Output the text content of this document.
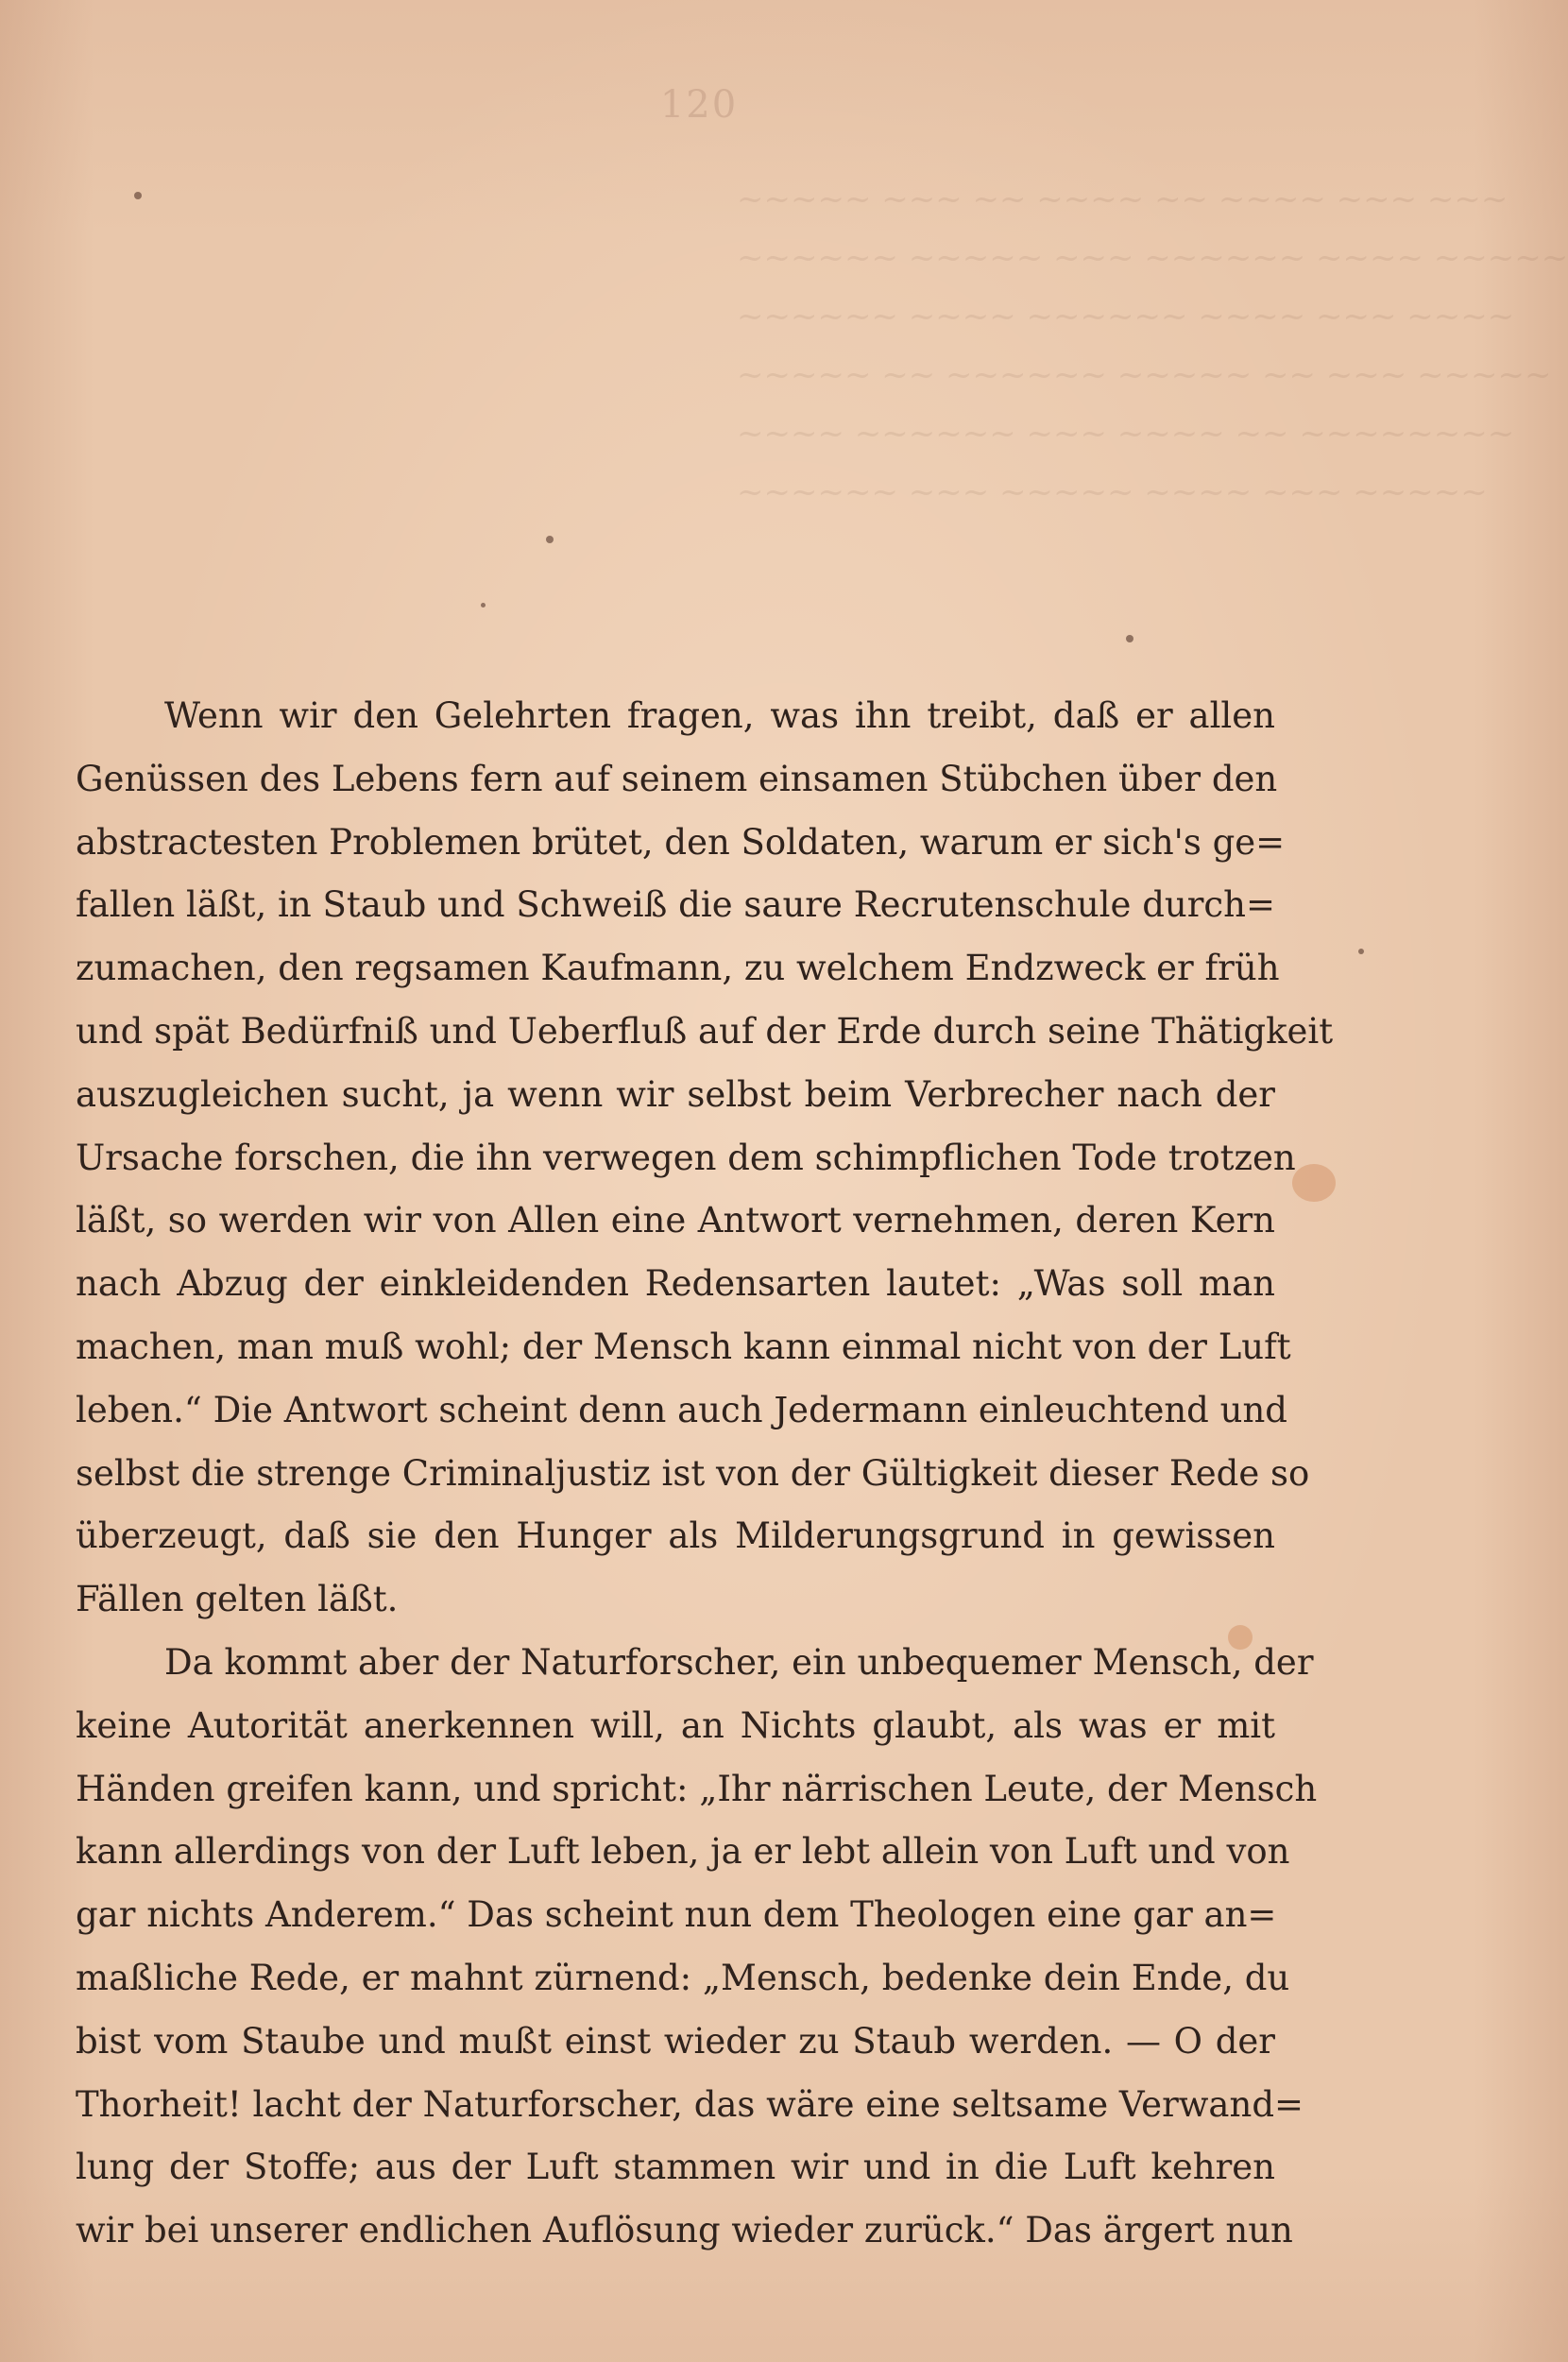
120
~~~~~ ~~~ ~~ ~~~~ ~~ ~~~~ ~~~ ~~~
~~~~~~ ~~~~~ ~~~ ~~~~~~ ~~~~ ~~~~~
~~~~~~ ~~~~ ~~~~~~ ~~~~ ~~~ ~~~~
~~~~~ ~~ ~~~~~~ ~~~~~ ~~ ~~~ ~~~~~
~~~~ ~~~~~~ ~~~ ~~~~ ~~ ~~~~~~~~
~~~~~~ ~~~ ~~~~~ ~~~~ ~~~ ~~~~~
Wenn wir den Gelehrten fragen, was ihn treibt, daß er allen
Genüssen des Lebens fern auf seinem einsamen Stübchen über den
abstractesten Problemen brütet, den Soldaten, warum er sich's ge=
fallen läßt, in Staub und Schweiß die saure Recrutenschule durch=
zumachen, den regsamen Kaufmann, zu welchem Endzweck er früh
und spät Bedürfniß und Ueberfluß auf der Erde durch seine Thätigkeit
auszugleichen sucht, ja wenn wir selbst beim Verbrecher nach der
Ursache forschen, die ihn verwegen dem schimpflichen Tode trotzen
läßt, so werden wir von Allen eine Antwort vernehmen, deren Kern
nach Abzug der einkleidenden Redensarten lautet: „Was soll man
machen, man muß wohl; der Mensch kann einmal nicht von der Luft
leben.“ Die Antwort scheint denn auch Jedermann einleuchtend und
selbst die strenge Criminaljustiz ist von der Gültigkeit dieser Rede so
überzeugt, daß sie den Hunger als Milderungsgrund in gewissen
Fällen gelten läßt.
Da kommt aber der Naturforscher, ein unbequemer Mensch, der
keine Autorität anerkennen will, an Nichts glaubt, als was er mit
Händen greifen kann, und spricht: „Ihr närrischen Leute, der Mensch
kann allerdings von der Luft leben, ja er lebt allein von Luft und von
gar nichts Anderem.“ Das scheint nun dem Theologen eine gar an=
maßliche Rede, er mahnt zürnend: „Mensch, bedenke dein Ende, du
bist vom Staube und mußt einst wieder zu Staub werden. — O der
Thorheit! lacht der Naturforscher, das wäre eine seltsame Verwand=
lung der Stoffe; aus der Luft stammen wir und in die Luft kehren
wir bei unserer endlichen Auflösung wieder zurück.“ Das ärgert nun
